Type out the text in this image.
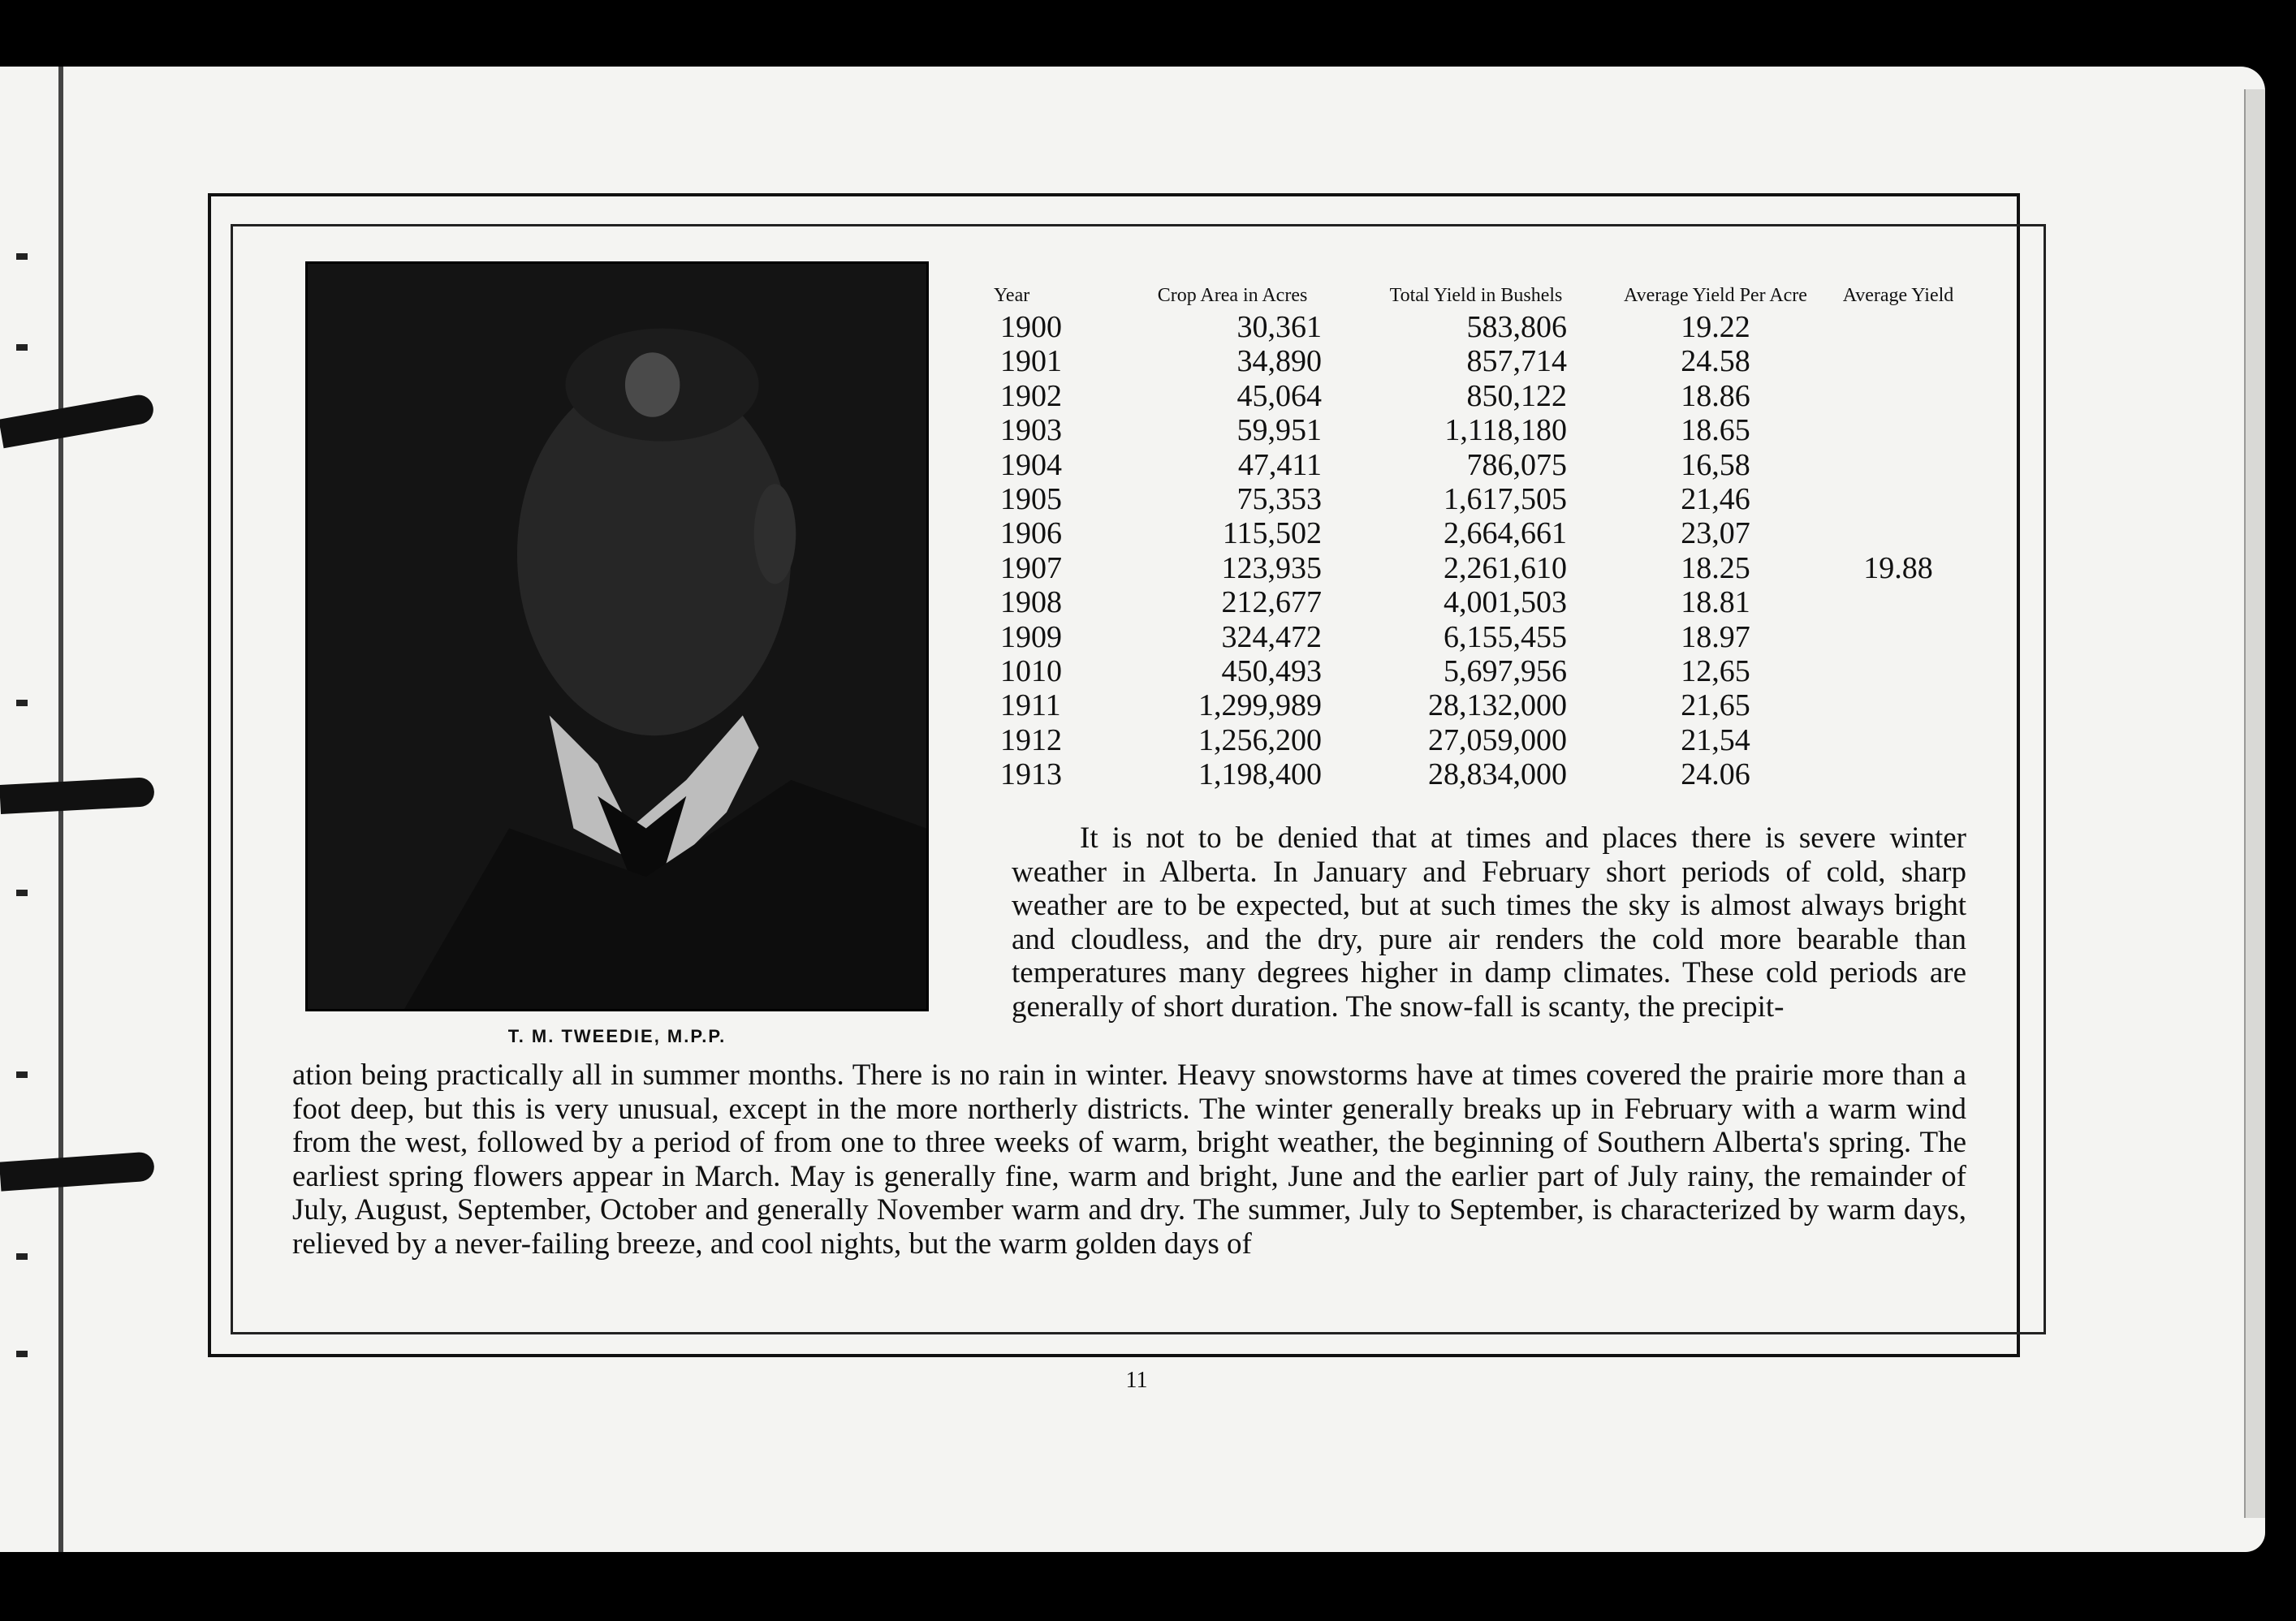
T. M. TWEEDIE, M.P.P.
Year	Crop Area in Acres	Total Yield in Bushels	Average Yield Per Acre	Average Yield
1900	30,361	583,806	19.22	
1901	34,890	857,714	24.58	
1902	45,064	850,122	18.86	
1903	59,951	1,118,180	18.65	
1904	47,411	786,075	16,58	
1905	75,353	1,617,505	21,46	
1906	115,502	2,664,661	23,07	
1907	123,935	2,261,610	18.25	19.88
1908	212,677	4,001,503	18.81	
1909	324,472	6,155,455	18.97	
1010	450,493	5,697,956	12,65	
1911	1,299,989	28,132,000	21,65	
1912	1,256,200	27,059,000	21,54	
1913	1,198,400	28,834,000	24.06	

It is not to be denied that at times and places there is severe winter weather in Alberta. In January and February short periods of cold, sharp weather are to be expected, but at such times the sky is almost always bright and cloudless, and the dry, pure air renders the cold more bearable than temperatures many degrees higher in damp climates. These cold periods are generally of short duration. The snow-fall is scanty, the precipit-

ation being practically all in summer months. There is no rain in winter. Heavy snowstorms have at times covered the prairie more than a foot deep, but this is very unusual, except in the more northerly districts. The winter generally breaks up in February with a warm wind from the west, followed by a period of from one to three weeks of warm, bright weather, the beginning of Southern Alberta's spring. The earliest spring flowers appear in March. May is generally fine, warm and bright, June and the earlier part of July rainy, the remainder of July, August, September, October and generally November warm and dry. The summer, July to September, is characterized by warm days, relieved by a never-failing breeze, and cool nights, but the warm golden days of

11
